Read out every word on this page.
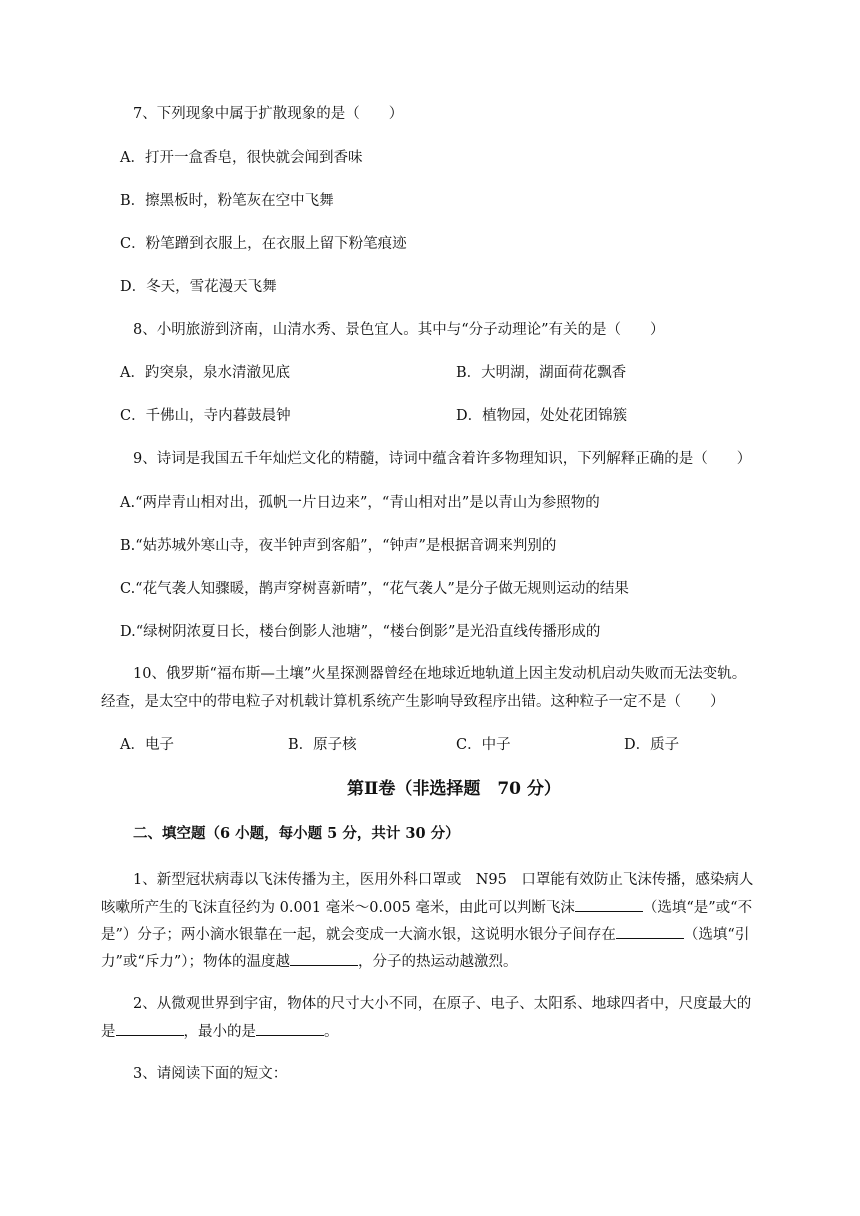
7、下列现象中属于扩散现象的是（　　）
A．打开一盒香皂，很快就会闻到香味
B．擦黑板时，粉笔灰在空中飞舞
C．粉笔蹭到衣服上，在衣服上留下粉笔痕迹
D．冬天，雪花漫天飞舞
8、小明旅游到济南，山清水秀、景色宜人。其中与“分子动理论”有关的是（　　）
A．趵突泉，泉水清澈见底	B．大明湖，湖面荷花飘香
C．千佛山，寺内暮鼓晨钟	D．植物园，处处花团锦簇
9、诗词是我国五千年灿烂文化的精髓，诗词中蕴含着许多物理知识，下列解释正确的是（　　）
A.“两岸青山相对出，孤帆一片日边来”，“青山相对出”是以青山为参照物的
B.“姑苏城外寒山寺，夜半钟声到客船”，“钟声”是根据音调来判别的
C.“花气袭人知骤暖，鹊声穿树喜新晴”，“花气袭人”是分子做无规则运动的结果
D.“绿树阴浓夏日长，楼台倒影人池塘”，“楼台倒影”是光沿直线传播形成的
10、俄罗斯“福布斯—土壤”火星探测器曾经在地球近地轨道上因主发动机启动失败而无法变轨。
经查，是太空中的带电粒子对机载计算机系统产生影响导致程序出错。这种粒子一定不是（　　）
A．电子	B．原子核	C．中子	D．质子
第Ⅱ卷（非选择题　70 分）
二、填空题（6 小题，每小题 5 分，共计 30 分）
1、新型冠状病毒以飞沫传播为主，医用外科口罩或　N95　口罩能有效防止飞沫传播，感染病人
咳嗽所产生的飞沫直径约为 0.001 毫米～0.005 毫米，由此可以判断飞沫	（选填“是”或“不
是”）分子；两小滴水银靠在一起，就会变成一大滴水银，这说明水银分子间存在	（选填“引
力”或“斥力”）；物体的温度越	，分子的热运动越激烈。
2、从微观世界到宇宙，物体的尺寸大小不同，在原子、电子、太阳系、地球四者中，尺度最大的
是	，最小的是	。
3、请阅读下面的短文：
